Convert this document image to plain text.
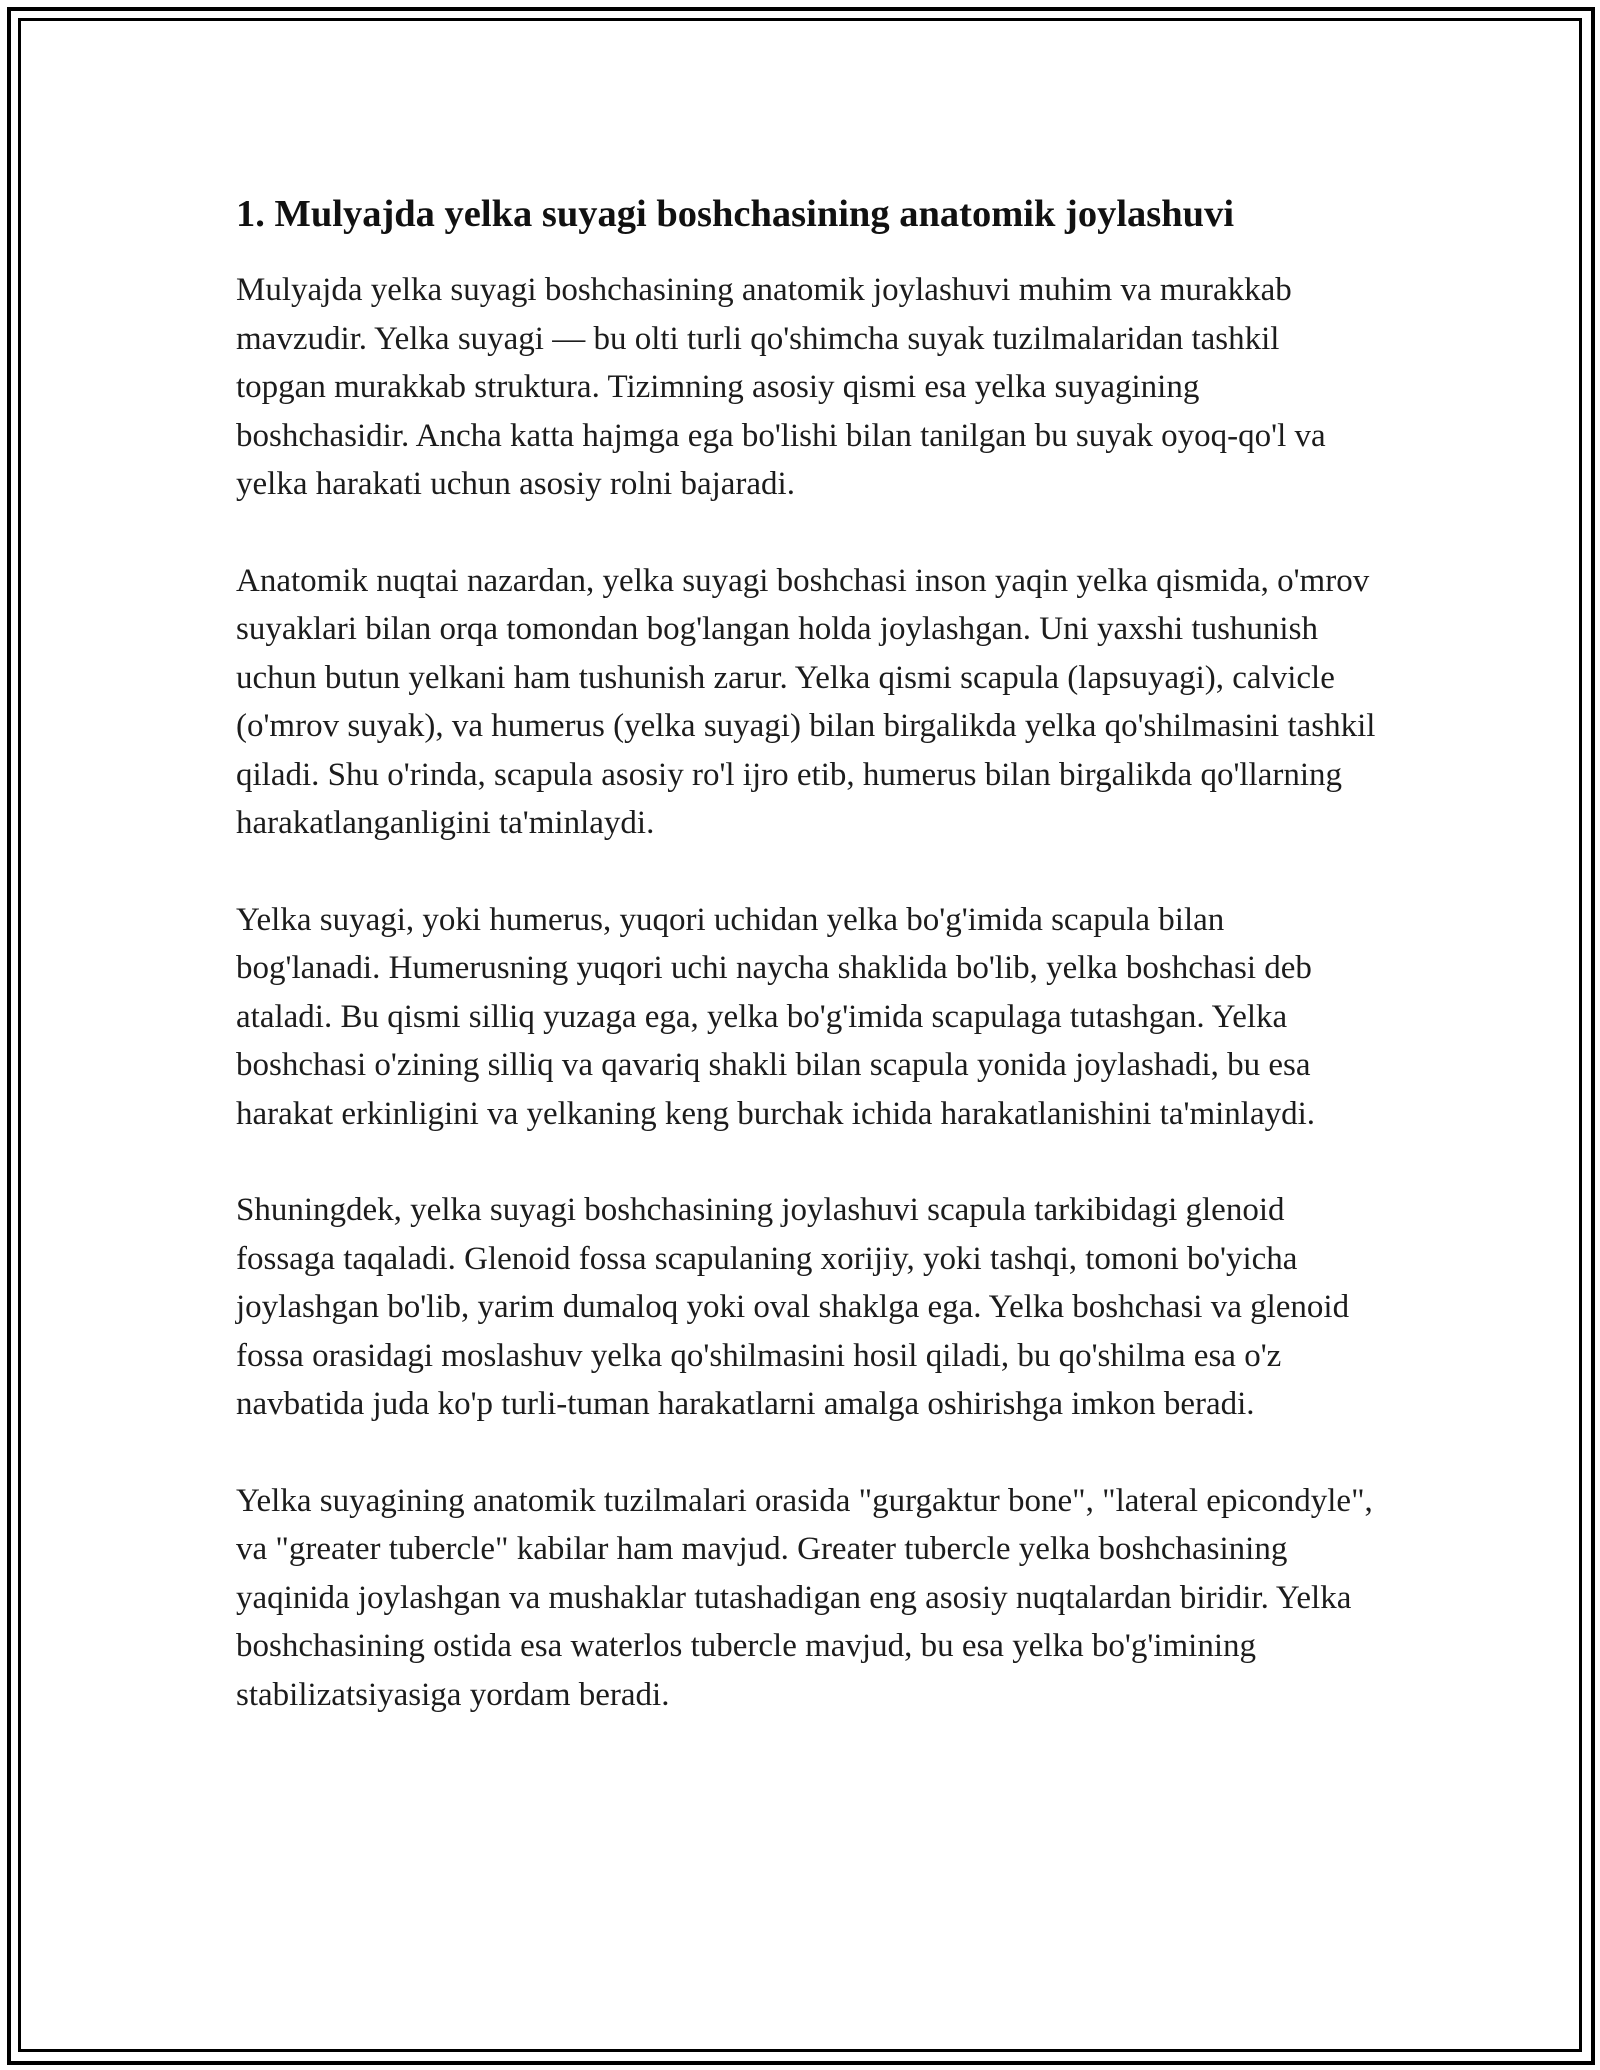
1. Mulyajda yelka suyagi boshchasining anatomik joylashuvi

Mulyajda yelka suyagi boshchasining anatomik joylashuvi muhim va murakkab mavzudir. Yelka suyagi — bu olti turli qo'shimcha suyak tuzilmalaridan tashkil topgan murakkab struktura. Tizimning asosiy qismi esa yelka suyagining boshchasidir. Ancha katta hajmga ega bo'lishi bilan tanilgan bu suyak oyoq-qo'l va yelka harakati uchun asosiy rolni bajaradi.

Anatomik nuqtai nazardan, yelka suyagi boshchasi inson yaqin yelka qismida, o'mrov suyaklari bilan orqa tomondan bog'langan holda joylashgan. Uni yaxshi tushunish uchun butun yelkani ham tushunish zarur. Yelka qismi scapula (lapsuyagi), calvicle (o'mrov suyak), va humerus (yelka suyagi) bilan birgalikda yelka qo'shilmasini tashkil qiladi. Shu o'rinda, scapula asosiy ro'l ijro etib, humerus bilan birgalikda qo'llarning harakatlanganligini ta'minlaydi.

Yelka suyagi, yoki humerus, yuqori uchidan yelka bo'g'imida scapula bilan bog'lanadi. Humerusning yuqori uchi naycha shaklida bo'lib, yelka boshchasi deb ataladi. Bu qismi silliq yuzaga ega, yelka bo'g'imida scapulaga tutashgan. Yelka boshchasi o'zining silliq va qavariq shakli bilan scapula yonida joylashadi, bu esa harakat erkinligini va yelkaning keng burchak ichida harakatlanishini ta'minlaydi.

Shuningdek, yelka suyagi boshchasining joylashuvi scapula tarkibidagi glenoid fossaga taqaladi. Glenoid fossa scapulaning xorijiy, yoki tashqi, tomoni bo'yicha joylashgan bo'lib, yarim dumaloq yoki oval shaklga ega. Yelka boshchasi va glenoid fossa orasidagi moslashuv yelka qo'shilmasini hosil qiladi, bu qo'shilma esa o'z navbatida juda ko'p turli-tuman harakatlarni amalga oshirishga imkon beradi.

Yelka suyagining anatomik tuzilmalari orasida "gurgaktur bone", "lateral epicondyle", va "greater tubercle" kabilar ham mavjud. Greater tubercle yelka boshchasining yaqinida joylashgan va mushaklar tutashadigan eng asosiy nuqtalardan biridir. Yelka boshchasining ostida esa waterlos tubercle mavjud, bu esa yelka bo'g'imining stabilizatsiyasiga yordam beradi.
